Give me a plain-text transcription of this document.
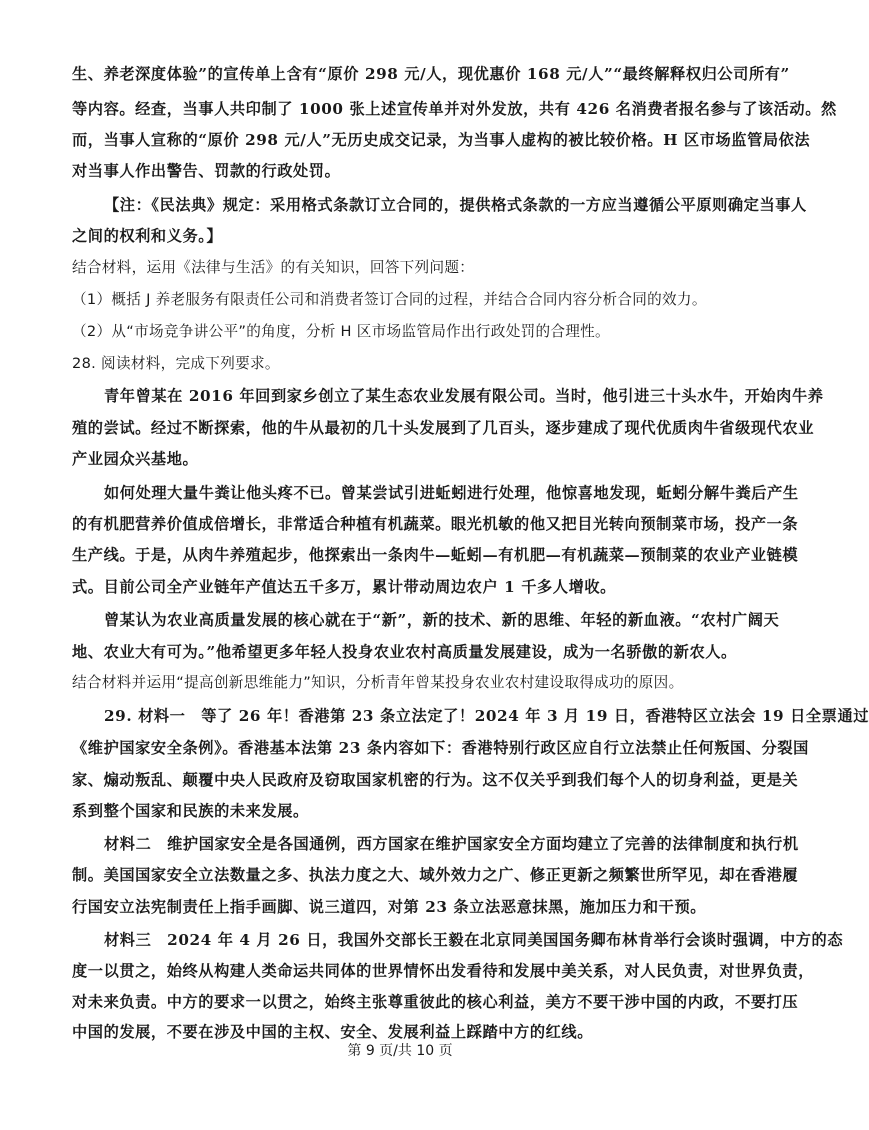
生、养老深度体验”的宣传单上含有“原价 298 元/人，现优惠价 168 元/人”“最终解释权归公司所有”
等内容。经查，当事人共印制了 1000 张上述宣传单并对外发放，共有 426 名消费者报名参与了该活动。然
而，当事人宣称的“原价 298 元/人”无历史成交记录，为当事人虚构的被比较价格。H 区市场监管局依法
对当事人作出警告、罚款的行政处罚。
【注：《民法典》规定：采用格式条款订立合同的，提供格式条款的一方应当遵循公平原则确定当事人
之间的权利和义务。】
结合材料，运用《法律与生活》的有关知识，回答下列问题：
（1）概括 J 养老服务有限责任公司和消费者签订合同的过程，并结合合同内容分析合同的效力。
（2）从“市场竞争讲公平”的角度，分析 H 区市场监管局作出行政处罚的合理性。
28. 阅读材料，完成下列要求。
青年曾某在 2016 年回到家乡创立了某生态农业发展有限公司。当时，他引进三十头水牛，开始肉牛养
殖的尝试。经过不断探索，他的牛从最初的几十头发展到了几百头，逐步建成了现代优质肉牛省级现代农业
产业园众兴基地。
如何处理大量牛粪让他头疼不已。曾某尝试引进蚯蚓进行处理，他惊喜地发现，蚯蚓分解牛粪后产生
的有机肥营养价值成倍增长，非常适合种植有机蔬菜。眼光机敏的他又把目光转向预制菜市场，投产一条
生产线。于是，从肉牛养殖起步，他探索出一条肉牛—蚯蚓—有机肥—有机蔬菜—预制菜的农业产业链模
式。目前公司全产业链年产值达五千多万，累计带动周边农户 1 千多人增收。
曾某认为农业高质量发展的核心就在于“新”，新的技术、新的思维、年轻的新血液。“农村广阔天
地、农业大有可为。”他希望更多年轻人投身农业农村高质量发展建设，成为一名骄傲的新农人。
结合材料并运用“提高创新思维能力”知识，分析青年曾某投身农业农村建设取得成功的原因。
29. 材料一　等了 26 年！香港第 23 条立法定了！2024 年 3 月 19 日，香港特区立法会 19 日全票通过
《维护国家安全条例》。香港基本法第 23 条内容如下：香港特别行政区应自行立法禁止任何叛国、分裂国
家、煽动叛乱、颠覆中央人民政府及窃取国家机密的行为。这不仅关乎到我们每个人的切身利益，更是关
系到整个国家和民族的未来发展。
材料二　维护国家安全是各国通例，西方国家在维护国家安全方面均建立了完善的法律制度和执行机
制。美国国家安全立法数量之多、执法力度之大、域外效力之广、修正更新之频繁世所罕见，却在香港履
行国安立法宪制责任上指手画脚、说三道四，对第 23 条立法恶意抹黑，施加压力和干预。
材料三　2024 年 4 月 26 日，我国外交部长王毅在北京同美国国务卿布林肯举行会谈时强调，中方的态
度一以贯之，始终从构建人类命运共同体的世界情怀出发看待和发展中美关系，对人民负责，对世界负责，
对未来负责。中方的要求一以贯之，始终主张尊重彼此的核心利益，美方不要干涉中国的内政，不要打压
中国的发展，不要在涉及中国的主权、安全、发展利益上踩踏中方的红线。
第 9 页/共 10 页
